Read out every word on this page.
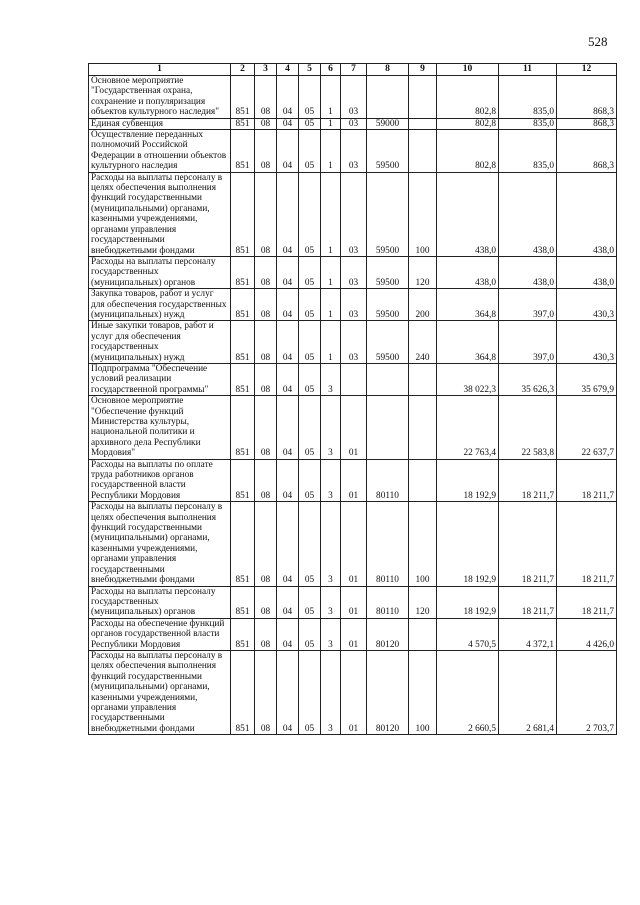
528
1	2	3	4	5	6	7	8	9	10	11	12
Основное мероприятие "Государственная охрана, сохранение и популяризация объектов культурного наследия"	851	08	04	05	1	03			802,8	835,0	868,3
Единая субвенция	851	08	04	05	1	03	59000		802,8	835,0	868,3
Осуществление переданных полномочий Российской Федерации в отношении объектов культурного наследия	851	08	04	05	1	03	59500		802,8	835,0	868,3
Расходы на выплаты персоналу в целях обеспечения выполнения функций государственными (муниципальными) органами, казенными учреждениями, органами управления государственными внебюджетными фондами	851	08	04	05	1	03	59500	100	438,0	438,0	438,0
Расходы на выплаты персоналу государственных (муниципальных) органов	851	08	04	05	1	03	59500	120	438,0	438,0	438,0
Закупка товаров, работ и услуг для обеспечения государственных (муниципальных) нужд	851	08	04	05	1	03	59500	200	364,8	397,0	430,3
Иные закупки товаров, работ и услуг для обеспечения государственных (муниципальных) нужд	851	08	04	05	1	03	59500	240	364,8	397,0	430,3
Подпрограмма "Обеспечение условий реализации государственной программы"	851	08	04	05	3				38 022,3	35 626,3	35 679,9
Основное мероприятие "Обеспечение функций Министерства культуры, национальной политики и архивного дела Республики Мордовия"	851	08	04	05	3	01			22 763,4	22 583,8	22 637,7
Расходы на выплаты по оплате труда работников органов государственной власти Республики Мордовия	851	08	04	05	3	01	80110		18 192,9	18 211,7	18 211,7
Расходы на выплаты персоналу в целях обеспечения выполнения функций государственными (муниципальными) органами, казенными учреждениями, органами управления государственными внебюджетными фондами	851	08	04	05	3	01	80110	100	18 192,9	18 211,7	18 211,7
Расходы на выплаты персоналу государственных (муниципальных) органов	851	08	04	05	3	01	80110	120	18 192,9	18 211,7	18 211,7
Расходы на обеспечение функций органов государственной власти Республики Мордовия	851	08	04	05	3	01	80120		4 570,5	4 372,1	4 426,0
Расходы на выплаты персоналу в целях обеспечения выполнения функций государственными (муниципальными) органами, казенными учреждениями, органами управления государственными внебюджетными фондами	851	08	04	05	3	01	80120	100	2 660,5	2 681,4	2 703,7
